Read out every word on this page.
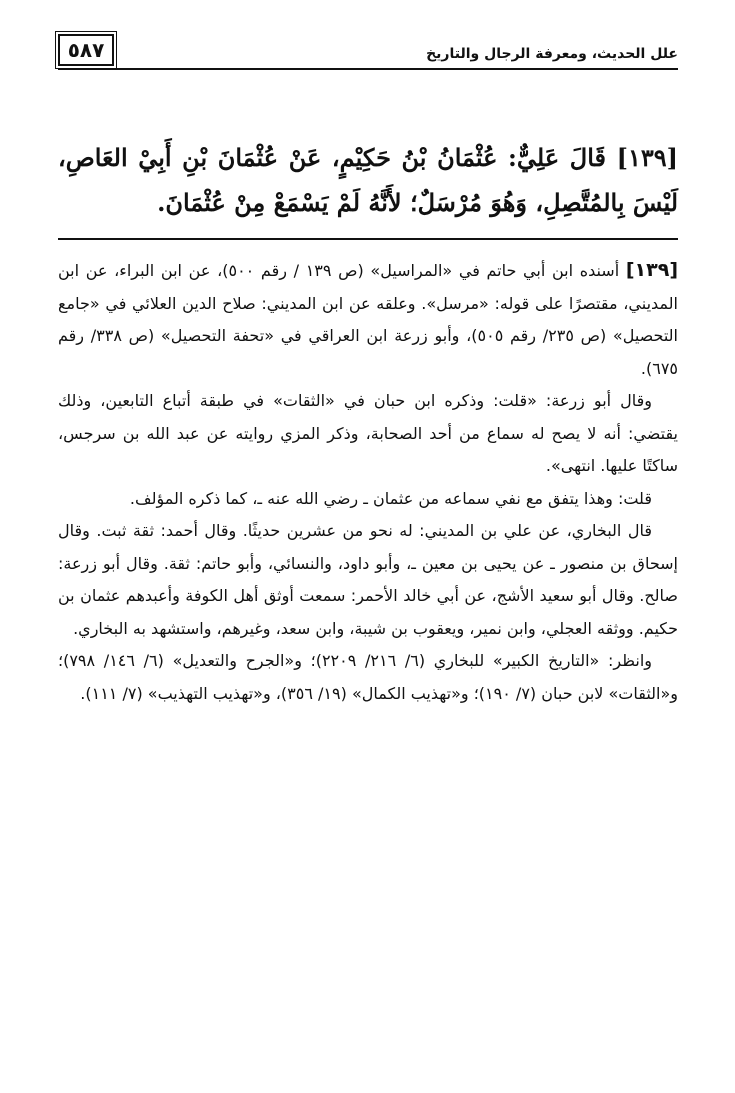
٥٨٧	علل الحديث، ومعرفة الرجال والتاريخ
[١٣٩] قَالَ عَلِيٌّ: عُثْمَانُ بْنُ حَكِيْمٍ، عَنْ عُثْمَانَ بْنِ أَبِيْ العَاصِ، لَيْسَ بِالمُتَّصِلِ، وَهُوَ مُرْسَلٌ؛ لأَنَّهُ لَمْ يَسْمَعْ مِنْ عُثْمَانَ.

[١٣٩] أسنده ابن أبي حاتم في «المراسيل» (ص ١٣٩ / رقم ٥٠٠)، عن ابن البراء، عن ابن المديني، مقتصرًا على قوله: «مرسل». وعلقه عن ابن المديني: صلاح الدين العلائي في «جامع التحصيل» (ص ٢٣٥/ رقم ٥٠٥)، وأبو زرعة ابن العراقي في «تحفة التحصيل» (ص ٣٣٨/ رقم ٦٧٥).

وقال أبو زرعة: «قلت: وذكره ابن حبان في «الثقات» في طبقة أتباع التابعين، وذلك يقتضي: أنه لا يصح له سماع من أحد الصحابة، وذكر المزي روايته عن عبد الله بن سرجس، ساكتًا عليها. انتهى».

قلت: وهذا يتفق مع نفي سماعه من عثمان ـ رضي الله عنه ـ، كما ذكره المؤلف.

قال البخاري، عن علي بن المديني: له نحو من عشرين حديثًا. وقال أحمد: ثقة ثبت. وقال إسحاق بن منصور ـ عن يحيى بن معين ـ، وأبو داود، والنسائي، وأبو حاتم: ثقة. وقال أبو زرعة: صالح. وقال أبو سعيد الأشج، عن أبي خالد الأحمر: سمعت أوثق أهل الكوفة وأعبدهم عثمان بن حكيم. ووثقه العجلي، وابن نمير، ويعقوب بن شيبة، وابن سعد، وغيرهم، واستشهد به البخاري.

وانظر: «التاريخ الكبير» للبخاري (٦/ ٢١٦/ ٢٢٠٩)؛ و«الجرح والتعديل» (٦/ ١٤٦/ ٧٩٨)؛ و«الثقات» لابن حبان (٧/ ١٩٠)؛ و«تهذيب الكمال» (١٩/ ٣٥٦)، و«تهذيب التهذيب» (٧/ ١١١).
